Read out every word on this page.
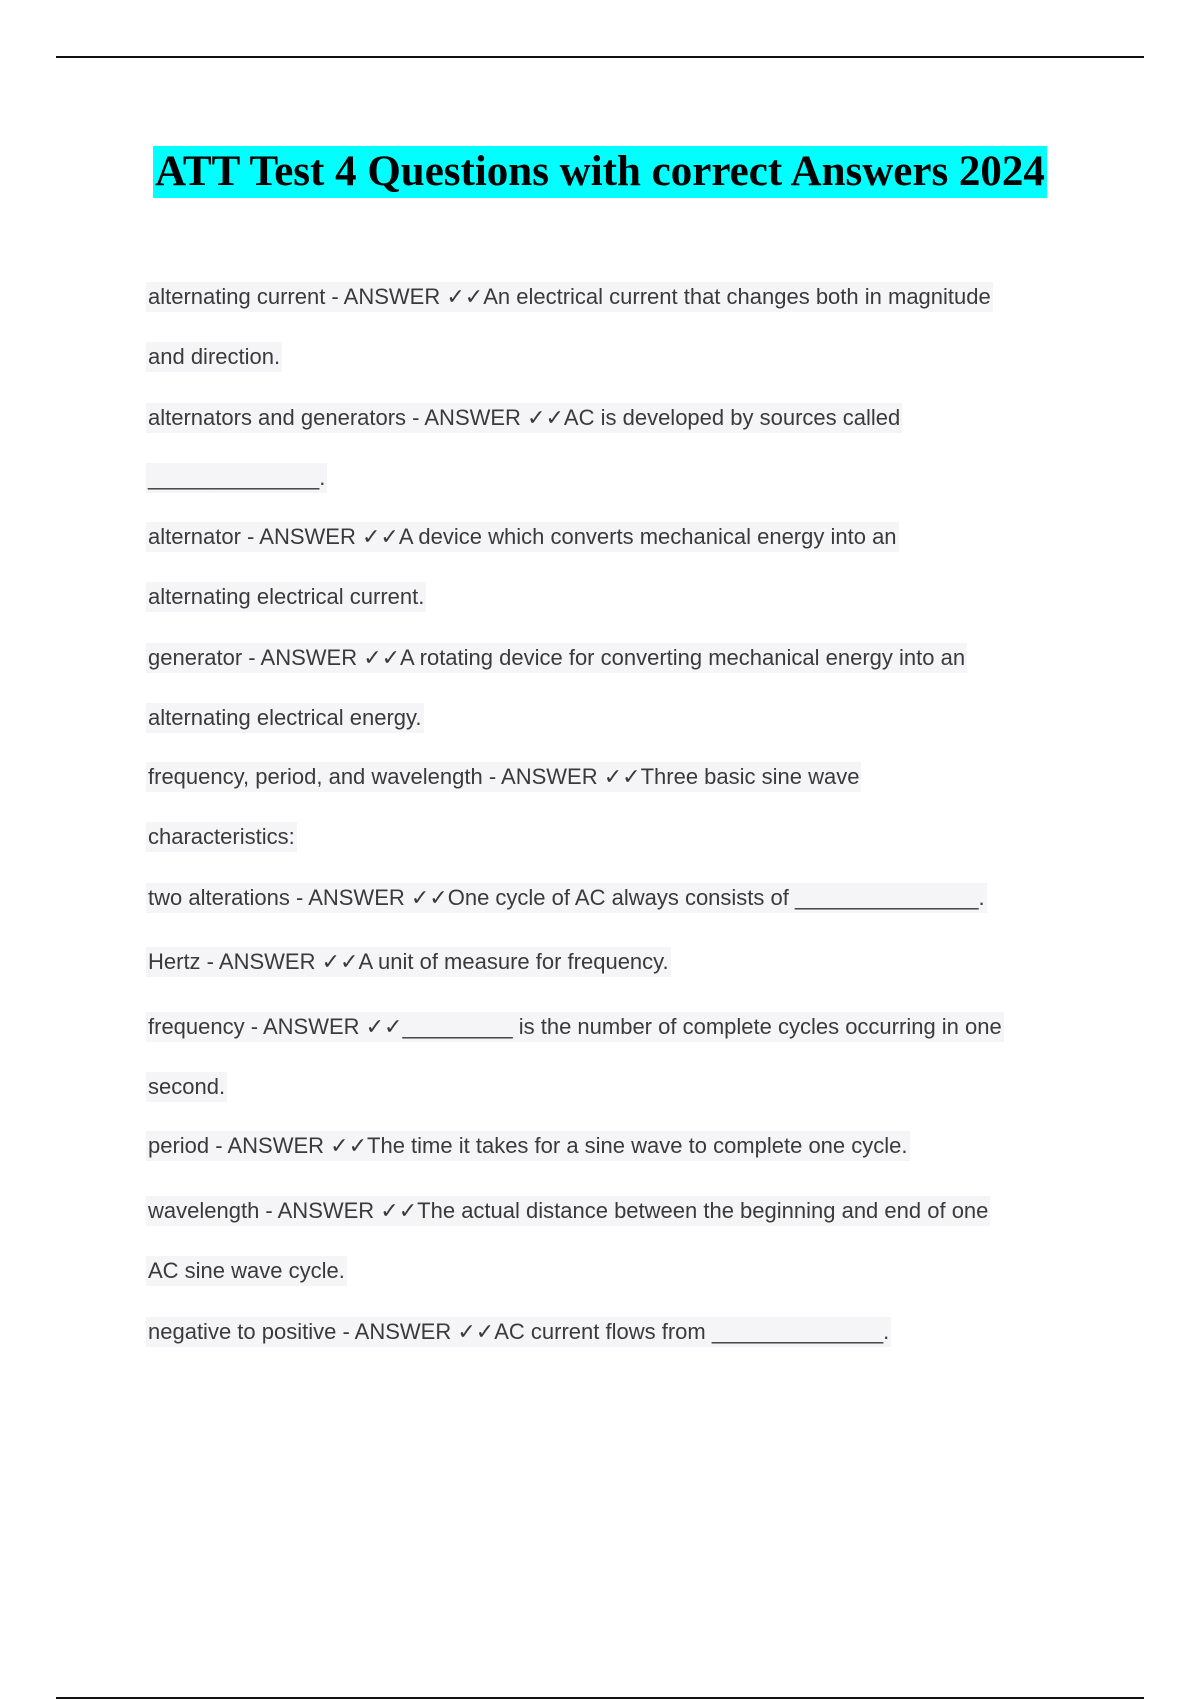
ATT Test 4 Questions with correct Answers 2024
alternating current - ANSWER ✓✓An electrical current that changes both in magnitude
and direction.
alternators and generators - ANSWER ✓✓AC is developed by sources called
______________.
alternator - ANSWER ✓✓A device which converts mechanical energy into an
alternating electrical current.
generator - ANSWER ✓✓A rotating device for converting mechanical energy into an
alternating electrical energy.
frequency, period, and wavelength - ANSWER ✓✓Three basic sine wave
characteristics:
two alterations - ANSWER ✓✓One cycle of AC always consists of _______________.
Hertz - ANSWER ✓✓A unit of measure for frequency.
frequency - ANSWER ✓✓_________ is the number of complete cycles occurring in one
second.
period - ANSWER ✓✓The time it takes for a sine wave to complete one cycle.
wavelength - ANSWER ✓✓The actual distance between the beginning and end of one
AC sine wave cycle.
negative to positive - ANSWER ✓✓AC current flows from ______________.
